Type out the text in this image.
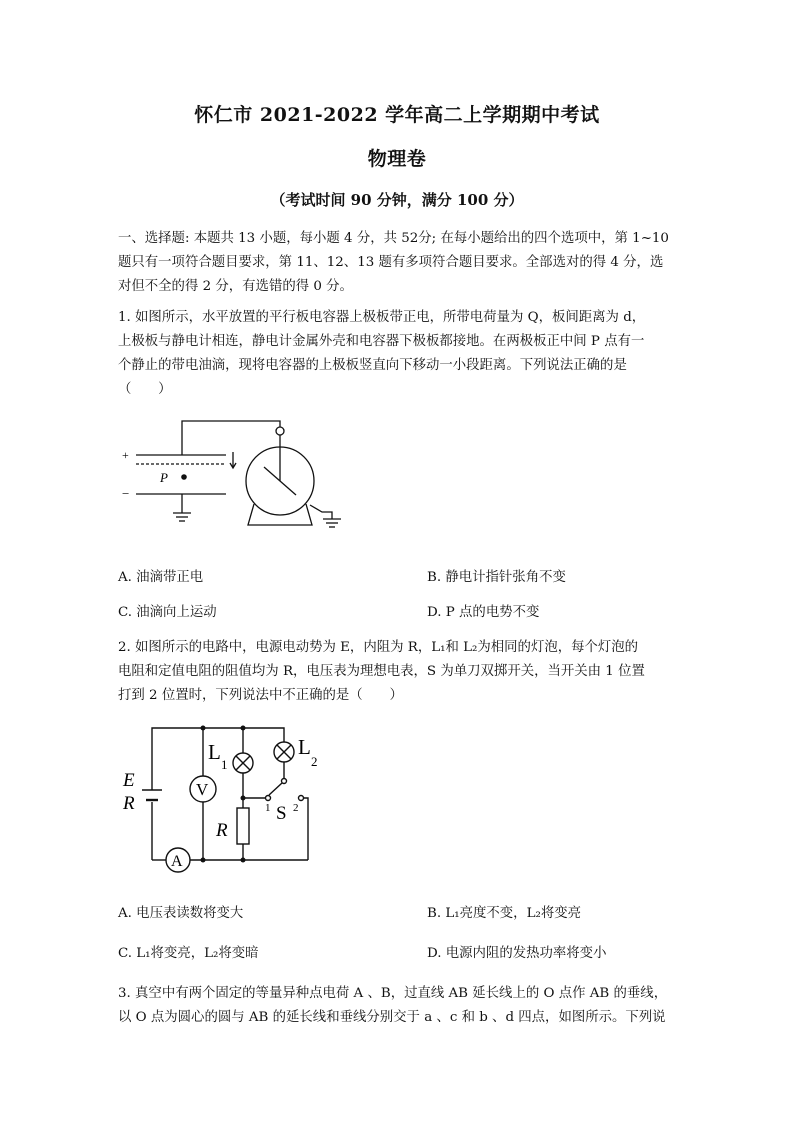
怀仁市 2021-2022 学年高二上学期期中考试
物理卷
（考试时间 90 分钟，满分 100 分）
一、选择题: 本题共 13 小题，每小题 4 分，共 52分; 在每小题给出的四个选项中，第 1~10
题只有一项符合题目要求，第 11、12、13 题有多项符合题目要求。全部选对的得 4 分，选
对但不全的得 2 分，有选错的得 0 分。
1. 如图所示，水平放置的平行板电容器上极板带正电，所带电荷量为 Q，板间距离为 d，
上极板与静电计相连，静电计金属外壳和电容器下极板都接地。在两极板正中间 P 点有一
个静止的带电油滴，现将电容器的上极板竖直向下移动一小段距离。下列说法正确的是
（　　）
+
−
P
A. 油滴带正电	B. 静电计指针张角不变
C. 油滴向上运动	D. P 点的电势不变
2. 如图所示的电路中，电源电动势为 E，内阻为 R，L₁和 L₂为相同的灯泡，每个灯泡的
电阻和定值电阻的阻值均为 R，电压表为理想电表，S 为单刀双掷开关，当开关由 1 位置
打到 2 位置时，下列说法中不正确的是（　　）
E
R
V
A
R
L
1
L
2
S
1 2
A. 电压表读数将变大	B. L₁亮度不变，L₂将变亮
C. L₁将变亮，L₂将变暗	D. 电源内阻的发热功率将变小
3. 真空中有两个固定的等量异种点电荷 A 、B，过直线 AB 延长线上的 O 点作 AB 的垂线，
以 O 点为圆心的圆与 AB 的延长线和垂线分别交于 a 、c 和 b 、d 四点，如图所示。下列说
